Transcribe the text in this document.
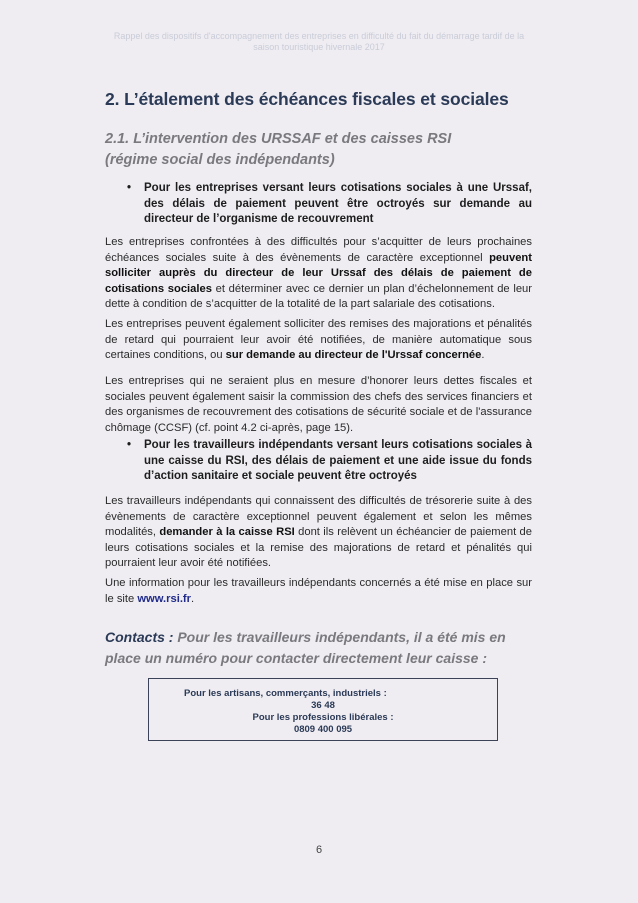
Rappel des dispositifs d'accompagnement des entreprises en difficulté du fait du démarrage tardif de la saison touristique hivernale 2017
2. L’étalement des échéances fiscales et sociales
2.1. L’intervention des URSSAF et des caisses RSI
(régime social des indépendants)
• Pour les entreprises versant leurs cotisations sociales à une Urssaf, des délais de paiement peuvent être octroyés sur demande au directeur de l’organisme de recouvrement
Les entreprises confrontées à des difficultés pour s’acquitter de leurs prochaines échéances sociales suite à des évènements de caractère exceptionnel peuvent solliciter auprès du directeur de leur Urssaf des délais de paiement de cotisations sociales et déterminer avec ce dernier un plan d’échelonnement de leur dette à condition de s’acquitter de la totalité de la part salariale des cotisations.
Les entreprises peuvent également solliciter des remises des majorations et pénalités de retard qui pourraient leur avoir été notifiées, de manière automatique sous certaines conditions, ou sur demande au directeur de l'Urssaf concernée.
Les entreprises qui ne seraient plus en mesure d’honorer leurs dettes fiscales et sociales peuvent également saisir la commission des chefs des services financiers et des organismes de recouvrement des cotisations de sécurité sociale et de l'assurance chômage (CCSF) (cf. point 4.2 ci-après, page 15).
• Pour les travailleurs indépendants versant leurs cotisations sociales à une caisse du RSI, des délais de paiement et une aide issue du fonds d’action sanitaire et sociale peuvent être octroyés
Les travailleurs indépendants qui connaissent des difficultés de trésorerie suite à des évènements de caractère exceptionnel peuvent également et selon les mêmes modalités, demander à la caisse RSI dont ils relèvent un échéancier de paiement de leurs cotisations sociales et la remise des majorations de retard et pénalités qui pourraient leur avoir été notifiées.
Une information pour les travailleurs indépendants concernés a été mise en place sur le site www.rsi.fr.
Contacts : Pour les travailleurs indépendants, il a été mis en place un numéro pour contacter directement leur caisse :
Pour les artisans, commerçants, industriels :
36 48
Pour les professions libérales :
0809 400 095
6
